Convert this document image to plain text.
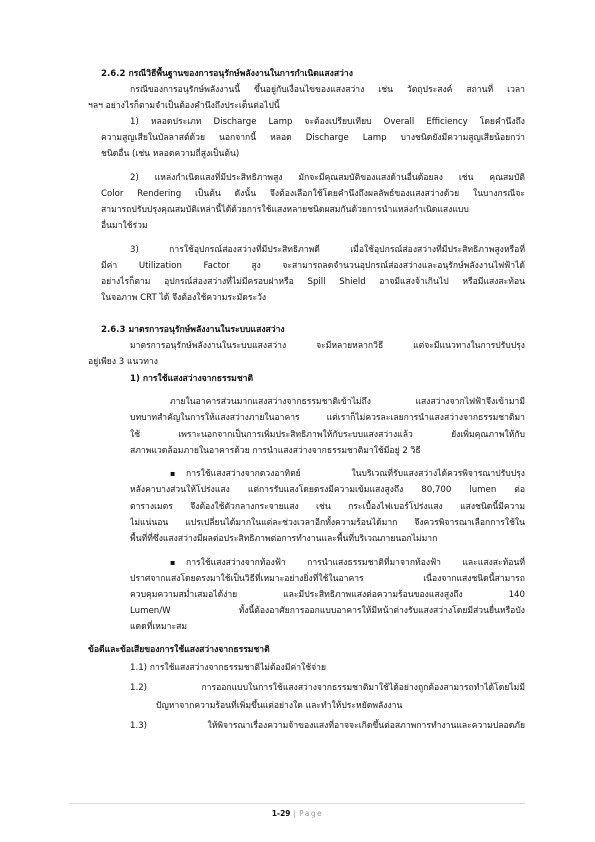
2.6.2 กรณีวิธีพื้นฐานของการอนุรักษ์พลังงานในการกำเนิดแสงสว่าง
กรณีของการอนุรักษ์พลังงานนี้ ขึ้นอยู่กับเงื่อนไขของแสงสว่าง เช่น วัตถุประสงค์ สถานที่ เวลา
ฯลฯ อย่างไรก็ตามจำเป็นต้องคำนึงถึงประเด็นต่อไปนี้
1) หลอดประเภท Discharge Lamp จะต้องเปรียบเทียบ Overall Efficiency โดยคำนึงถึง
ความสูญเสียในบัลลาสต์ด้วย นอกจากนี้ หลอด Discharge Lamp บางชนิดยังมีความสูญเสียน้อยกว่า
ชนิดอื่น (เช่น หลอดความถี่สูงเป็นต้น)
2) แหล่งกำเนิดแสงที่มีประสิทธิภาพสูง มักจะมีคุณสมบัติของแสงด้านอื่นด้อยลง เช่น คุณสมบัติ
Color Rendering เป็นต้น ดังนั้น จึงต้องเลือกใช้โดยคำนึงถึงผลลัพธ์ของแสงสว่างด้วย ในบางกรณีจะ
สามารถปรับปรุงคุณสมบัติเหล่านี้ได้ด้วยการใช้แสงหลายชนิดผสมกันด้วยการนำแหล่งกำเนิดแสงแบบ
อื่นมาใช้ร่วม
3) การใช้อุปกรณ์ส่องสว่างที่มีประสิทธิภาพดี เมื่อใช้อุปกรณ์ส่องสว่างที่มีประสิทธิภาพสูงหรือที่
มีค่า Utilization Factor สูง จะสามารถลดจำนวนอุปกรณ์ส่องสว่างและอนุรักษ์พลังงานไฟฟ้าได้
อย่างไรก็ตาม อุปกรณ์ส่องสว่างที่ไม่มีครอบฝาหรือ Spill Shield อาจมีแสงจ้าเกินไป หรือมีแสงสะท้อน
ในจอภาพ CRT ได้ จึงต้องใช้ความระมัดระวัง
2.6.3 มาตรการอนุรักษ์พลังงานในระบบแสงสว่าง
มาตรการอนุรักษ์พลังงานในระบบแสงสว่าง จะมีหลายหลากวิธี แต่จะมีแนวทางในการปรับปรุง
อยู่เพียง 3 แนวทาง
1) การใช้แสงสว่างจากธรรมชาติ
ภายในอาคารส่วนมากแสงสว่างจากธรรมชาติเข้าไม่ถึง แสงสว่างจากไฟฟ้าจึงเข้ามามี
บทบาทสำคัญในการให้แสงสว่างภายในอาคาร แต่เราก็ไม่ควรละเลยการนำแสงสว่างจากธรรมชาติมา
ใช้ เพราะนอกจากเป็นการเพิ่มประสิทธิภาพให้กับระบบแสงสว่างแล้ว ยังเพิ่มคุณภาพให้กับ
สภาพแวดล้อมภายในอาคารด้วย การนำแสงสว่างจากธรรมชาติมาใช้มีอยู่ 2 วิธี
▪ การใช้แสงสว่างจากดวงอาทิตย์ ในบริเวณที่รับแสงสว่างได้ควรพิจารณาปรับปรุง
หลังคาบางส่วนให้โปร่งแสง แต่การรับแสงโดยตรงมีความเข้มแสงสูงถึง 80,700 lumen ต่อ
ตารางเมตร จึงต้องใช้ตัวกลางกระจายแสง เช่น กระเบื้องไฟเบอร์โปร่งแสง แสงชนิดนี้มีความ
ไม่แน่นอน แปรเปลี่ยนได้มากในแต่ละช่วงเวลาอีกทั้งความร้อนได้มาก จึงควรพิจารณาเลือกการใช้ใน
พื้นที่ที่ซึ่งแสงสว่างมีผลต่อประสิทธิภาพต่อการทำงานและพื้นที่บริเวณภายนอกไม่มาก
▪ การใช้แสงสว่างจากท้องฟ้า การนำแสงธรรมชาติที่มาจากท้องฟ้า และแสงสะท้อนที่
ปราศจากแสงโดยตรงมาใช้เป็นวิธีที่เหมาะอย่างยิ่งที่ใช้ในอาคาร เนื่องจากแสงชนิดนี้สามารถ
ควบคุมความสม่ำเสมอได้ง่าย และมีประสิทธิภาพแสงต่อความร้อนของแสงสูงถึง 140
Lumen/W ทั้งนี้ต้องอาศัยการออกแบบอาคารให้มีหน้าต่างรับแสงสว่างโดยมีส่วนยื่นหรือบัง
แดดที่เหมาะสม
ข้อดีและข้อเสียของการใช้แสงสว่างจากธรรมชาติ
1.1) การใช้แสงสว่างจากธรรมชาติไม่ต้องมีค่าใช้จ่าย
1.2) การออกแบบในการใช้แสงสว่างจากธรรมชาติมาใช้ได้อย่างถูกต้องสามารถทำได้โดยไม่มี
ปัญหาจากความร้อนที่เพิ่มขึ้นแต่อย่างใด และทำให้ประหยัดพลังงาน
1.3) ให้พิจารณาเรื่องความจ้าของแสงที่อาจจะเกิดขึ้นต่อสภาพการทำงานและความปลอดภัย
1-29 | Page
